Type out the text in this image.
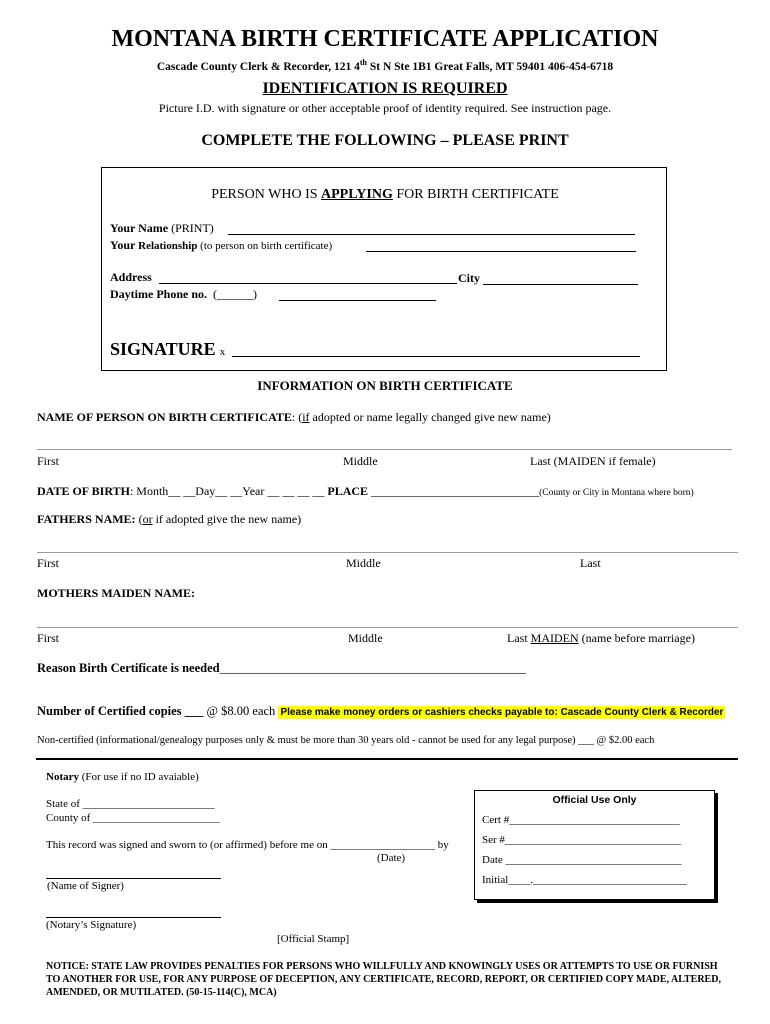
MONTANA BIRTH CERTIFICATE APPLICATION
Cascade County Clerk & Recorder, 121 4th St N Ste 1B1 Great Falls, MT 59401 406-454-6718
IDENTIFICATION IS REQUIRED
Picture I.D. with signature or other acceptable proof of identity required. See instruction page.
COMPLETE THE FOLLOWING – PLEASE PRINT
PERSON WHO IS APPLYING FOR BIRTH CERTIFICATE
Your Name (PRINT)
Your Relationship (to person on birth certificate)
Address	City
Daytime Phone no. (______)
SIGNATURE x
INFORMATION ON BIRTH CERTIFICATE
NAME OF PERSON ON BIRTH CERTIFICATE: (if adopted or name legally changed give new name)
First	Middle	Last (MAIDEN if female)
DATE OF BIRTH: Month__ __Day__ __Year __ __ __ __ PLACE ____________________________(County or City in Montana where born)
FATHERS NAME: (or if adopted give the new name)
First	Middle	Last
MOTHERS MAIDEN NAME:
First	Middle	Last MAIDEN (name before marriage)
Reason Birth Certificate is needed_________________________________________________
Number of Certified copies ___ @ $8.00 each Please make money orders or cashiers checks payable to: Cascade County Clerk & Recorder
Non-certified (informational/genealogy purposes only & must be more than 30 years old - cannot be used for any legal purpose) ___ @ $2.00 each
Notary (For use if no ID avaiable)
State of ________________________
County of _______________________
This record was signed and sworn to (or affirmed) before me on ___________________ by
(Date)
(Name of Signer)
(Notary’s Signature)
[Official Stamp]
Official Use Only
Cert #_______________________________
Ser #________________________________
Date ________________________________
Initial____.____________________________
NOTICE: STATE LAW PROVIDES PENALTIES FOR PERSONS WHO WILLFULLY AND KNOWINGLY USES OR ATTEMPTS TO USE OR FURNISH TO ANOTHER FOR USE, FOR ANY PURPOSE OF DECEPTION, ANY CERTIFICATE, RECORD, REPORT, OR CERTIFIED COPY MADE, ALTERED, AMENDED, OR MUTILATED. (50-15-114(C), MCA)
